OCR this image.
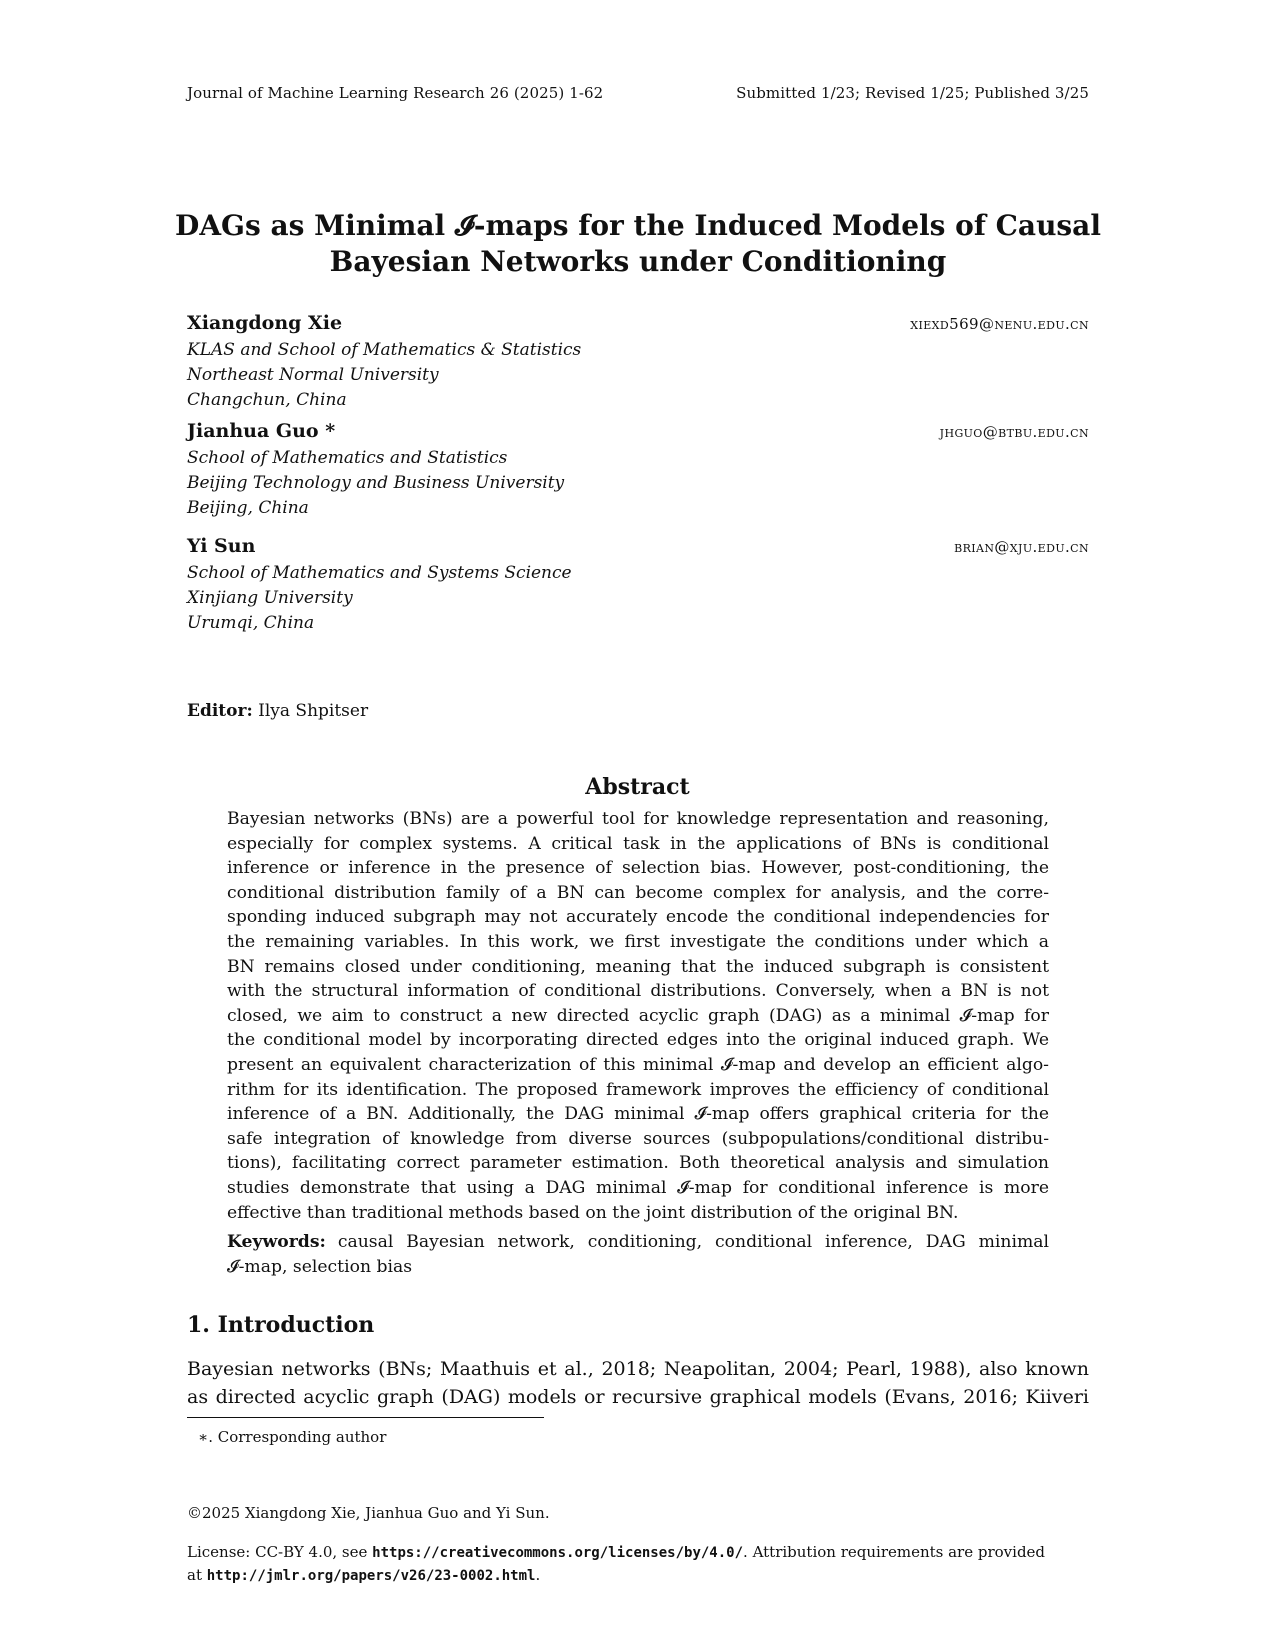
Journal of Machine Learning Research 26 (2025) 1-62	Submitted 1/23; Revised 1/25; Published 3/25
DAGs as Minimal 𝓘-maps for the Induced Models of Causal
Bayesian Networks under Conditioning
Xiangdong Xie	xiexd569@nenu.edu.cn
KLAS and School of Mathematics & Statistics
Northeast Normal University
Changchun, China
Jianhua Guo *	jhguo@btbu.edu.cn
School of Mathematics and Statistics
Beijing Technology and Business University
Beijing, China
Yi Sun	brian@xju.edu.cn
School of Mathematics and Systems Science
Xinjiang University
Urumqi, China
Editor: Ilya Shpitser
Abstract
Bayesian networks (BNs) are a powerful tool for knowledge representation and reasoning,
especially for complex systems. A critical task in the applications of BNs is conditional
inference or inference in the presence of selection bias. However, post-conditioning, the
conditional distribution family of a BN can become complex for analysis, and the corre-
sponding induced subgraph may not accurately encode the conditional independencies for
the remaining variables. In this work, we first investigate the conditions under which a
BN remains closed under conditioning, meaning that the induced subgraph is consistent
with the structural information of conditional distributions. Conversely, when a BN is not
closed, we aim to construct a new directed acyclic graph (DAG) as a minimal 𝓘-map for
the conditional model by incorporating directed edges into the original induced graph. We
present an equivalent characterization of this minimal 𝓘-map and develop an efficient algo-
rithm for its identification. The proposed framework improves the efficiency of conditional
inference of a BN. Additionally, the DAG minimal 𝓘-map offers graphical criteria for the
safe integration of knowledge from diverse sources (subpopulations/conditional distribu-
tions), facilitating correct parameter estimation. Both theoretical analysis and simulation
studies demonstrate that using a DAG minimal 𝓘-map for conditional inference is more
effective than traditional methods based on the joint distribution of the original BN.
Keywords: causal Bayesian network, conditioning, conditional inference, DAG minimal
𝓘-map, selection bias
1. Introduction
Bayesian networks (BNs; Maathuis et al., 2018; Neapolitan, 2004; Pearl, 1988), also known
as directed acyclic graph (DAG) models or recursive graphical models (Evans, 2016; Kiiveri
∗. Corresponding author
©2025 Xiangdong Xie, Jianhua Guo and Yi Sun.
License: CC-BY 4.0, see https://creativecommons.org/licenses/by/4.0/. Attribution requirements are provided
at http://jmlr.org/papers/v26/23-0002.html.
